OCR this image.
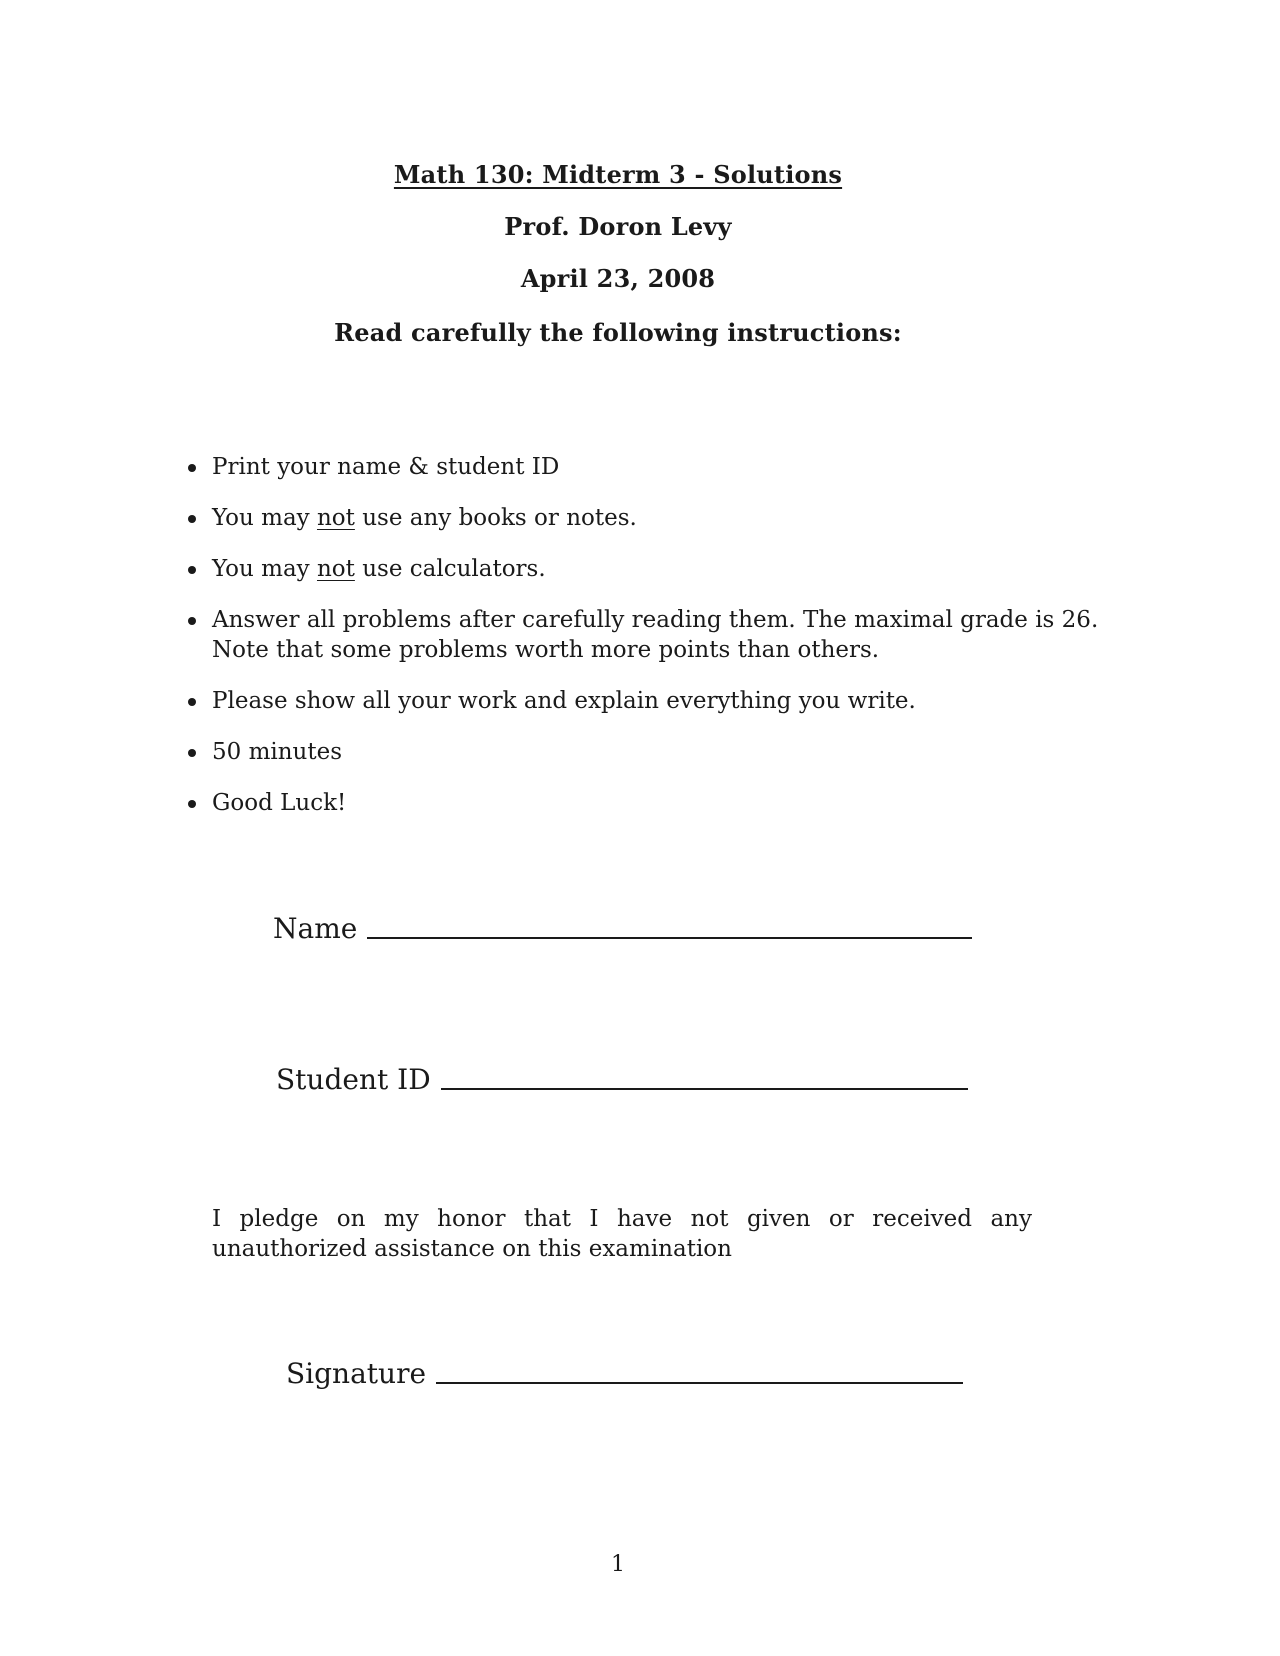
Math 130: Midterm 3 - Solutions
Prof. Doron Levy
April 23, 2008
Read carefully the following instructions:
Print your name & student ID
You may not use any books or notes.
You may not use calculators.
Answer all problems after carefully reading them. The maximal grade is 26. Note that some problems worth more points than others.
Please show all your work and explain everything you write.
50 minutes
Good Luck!
Name
Student ID
I pledge on my honor that I have not given or received any unauthorized assistance on this examination
Signature
1
